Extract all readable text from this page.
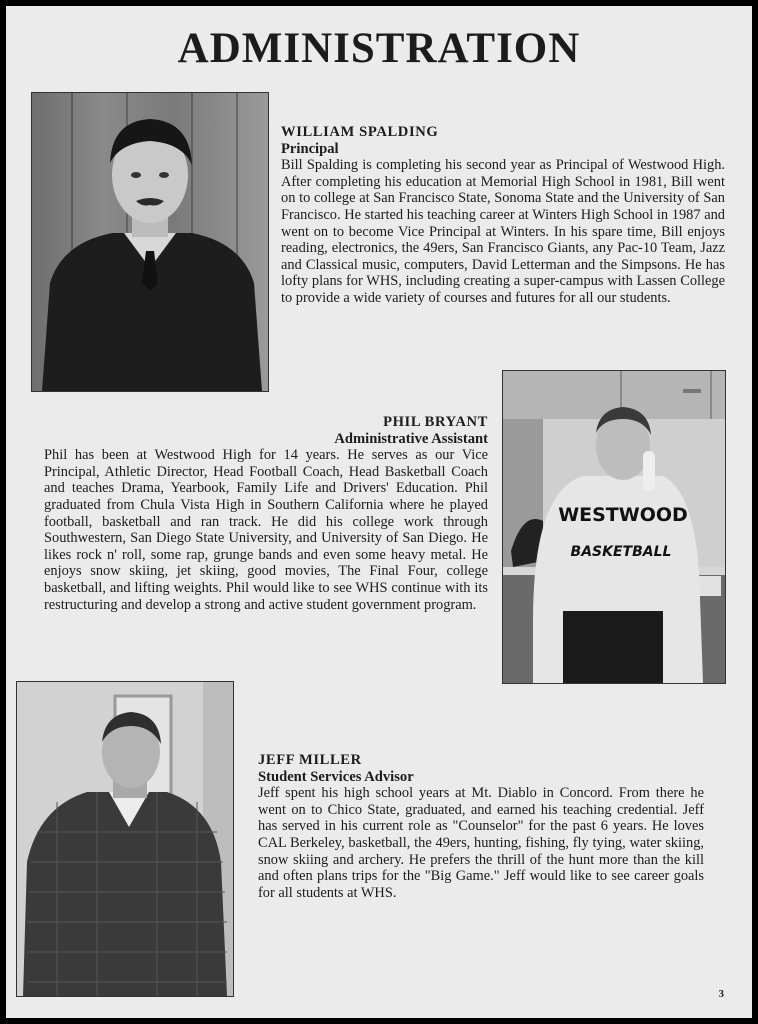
ADMINISTRATION
WILLIAM SPALDING
Principal
Bill Spalding is completing his second year as Principal of Westwood High. After completing his education at Memorial High School in 1981, Bill went on to college at San Francisco State, Sonoma State and the University of San Francisco. He started his teaching career at Winters High School in 1987 and went on to become Vice Principal at Winters. In his spare time, Bill enjoys reading, electronics, the 49ers, San Francisco Giants, any Pac-10 Team, Jazz and Classical music, computers, David Letterman and the Simpsons. He has lofty plans for WHS, including creating a super-campus with Lassen College to provide a wide variety of courses and futures for all our students.
PHIL BRYANT
Administrative Assistant
Phil has been at Westwood High for 14 years. He serves as our Vice Principal, Athletic Director, Head Football Coach, Head Basketball Coach and teaches Drama, Yearbook, Family Life and Drivers' Education. Phil graduated from Chula Vista High in Southern California where he played football, basketball and ran track. He did his college work through Southwestern, San Diego State University, and University of San Diego. He likes rock n' roll, some rap, grunge bands and even some heavy metal. He enjoys snow skiing, jet skiing, good movies, The Final Four, college basketball, and lifting weights. Phil would like to see WHS continue with its restructuring and develop a strong and active student government program.
WESTWOOD
BASKETBALL
JEFF MILLER
Student Services Advisor
Jeff spent his high school years at Mt. Diablo in Concord. From there he went on to Chico State, graduated, and earned his teaching credential. Jeff has served in his current role as "Counselor" for the past 6 years. He loves CAL Berkeley, basketball, the 49ers, hunting, fishing, fly tying, water skiing, snow skiing and archery. He prefers the thrill of the hunt more than the kill and often plans trips for the "Big Game." Jeff would like to see career goals for all students at WHS.
3
